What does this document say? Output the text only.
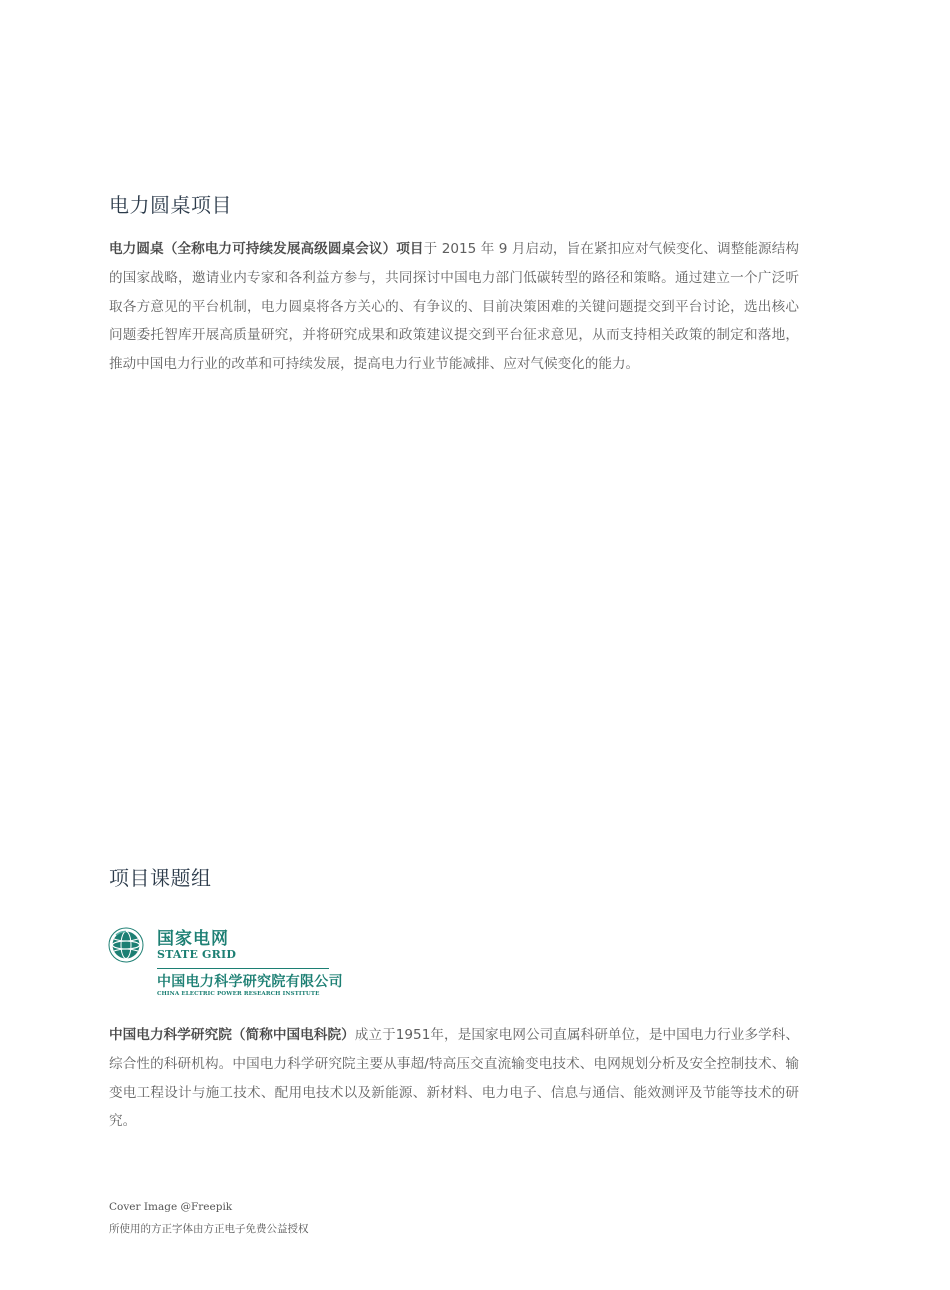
电力圆桌项目

电力圆桌（全称电力可持续发展高级圆桌会议）项目于 2015 年 9 月启动，旨在紧扣应对气候变化、调整能源结构的国家战略，邀请业内专家和各利益方参与，共同探讨中国电力部门低碳转型的路径和策略。通过建立一个广泛听取各方意见的平台机制，电力圆桌将各方关心的、有争议的、目前决策困难的关键问题提交到平台讨论，选出核心问题委托智库开展高质量研究，并将研究成果和政策建议提交到平台征求意见，从而支持相关政策的制定和落地，推动中国电力行业的改革和可持续发展，提高电力行业节能减排、应对气候变化的能力。

项目课题组
国家电网
STATE GRID
中国电力科学研究院有限公司
CHINA ELECTRIC POWER RESEARCH INSTITUTE

中国电力科学研究院（简称中国电科院）成立于1951年，是国家电网公司直属科研单位，是中国电力行业多学科、综合性的科研机构。中国电力科学研究院主要从事超/特高压交直流输变电技术、电网规划分析及安全控制技术、输变电工程设计与施工技术、配用电技术以及新能源、新材料、电力电子、信息与通信、能效测评及节能等技术的研究。

Cover Image @Freepik

所使用的方正字体由方正电子免费公益授权
